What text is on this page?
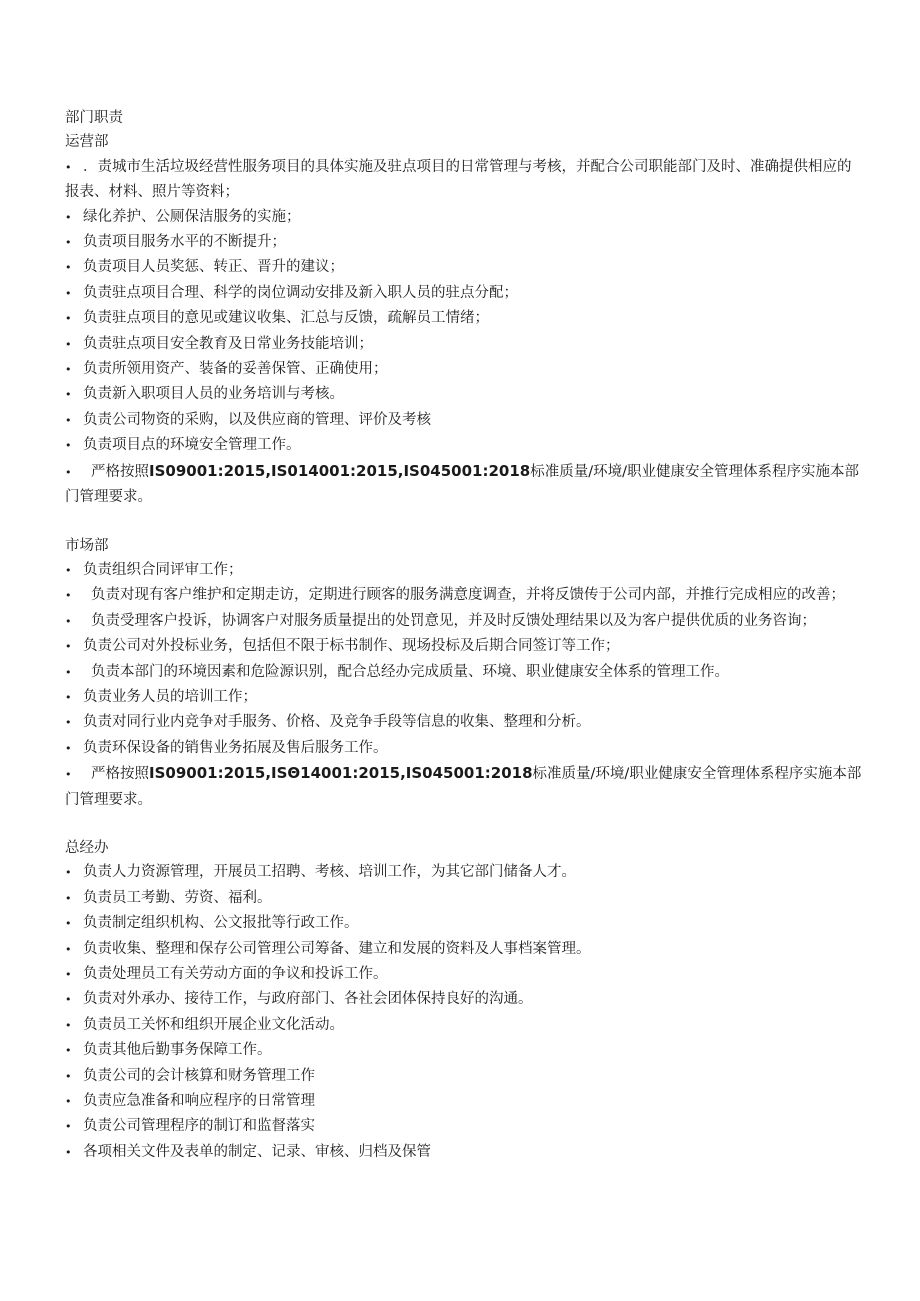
部门职责
运营部
• ．责城市生活垃圾经营性服务项目的具体实施及驻点项目的日常管理与考核，并配合公司职能部门及时、准确提供相应的报表、材料、照片等资料；
• 绿化养护、公厕保洁服务的实施；
• 负责项目服务水平的不断提升；
• 负责项目人员奖惩、转正、晋升的建议；
• 负责驻点项目合理、科学的岗位调动安排及新入职人员的驻点分配；
• 负责驻点项目的意见或建议收集、汇总与反馈，疏解员工情绪；
• 负责驻点项目安全教育及日常业务技能培训；
• 负责所领用资产、装备的妥善保管、正确使用；
• 负责新入职项目人员的业务培训与考核。
• 负责公司物资的采购，以及供应商的管理、评价及考核
• 负责项目点的环境安全管理工作。
• 严格按照IS09001:2015,IS014001:2015,IS045001:2018标准质量/环境/职业健康安全管理体系程序实施本部门管理要求。
市场部
• 负责组织合同评审工作；
• 负责对现有客户维护和定期走访，定期进行顾客的服务满意度调查，并将反馈传于公司内部，并推行完成相应的改善；
• 负责受理客户投诉，协调客户对服务质量提出的处罚意见，并及时反馈处理结果以及为客户提供优质的业务咨询；
• 负责公司对外投标业务，包括但不限于标书制作、现场投标及后期合同签订等工作；
• 负责本部门的环境因素和危险源识别，配合总经办完成质量、环境、职业健康安全体系的管理工作。
• 负责业务人员的培训工作；
• 负责对同行业内竞争对手服务、价格、及竞争手段等信息的收集、整理和分析。
• 负责环保设备的销售业务拓展及售后服务工作。
• 严格按照IS09001:2015,ISΘ14001:2015,IS045001:2018标准质量/环境/职业健康安全管理体系程序实施本部门管理要求。
总经办
• 负责人力资源管理，开展员工招聘、考核、培训工作，为其它部门储备人才。
• 负责员工考勤、劳资、福利。
• 负责制定组织机构、公文报批等行政工作。
• 负责收集、整理和保存公司管理公司筹备、建立和发展的资料及人事档案管理。
• 负责处理员工有关劳动方面的争议和投诉工作。
• 负责对外承办、接待工作，与政府部门、各社会团体保持良好的沟通。
• 负责员工关怀和组织开展企业文化活动。
• 负责其他后勤事务保障工作。
• 负责公司的会计核算和财务管理工作
• 负责应急准备和响应程序的日常管理
• 负责公司管理程序的制订和监督落实
• 各项相关文件及表单的制定、记录、审核、归档及保管
